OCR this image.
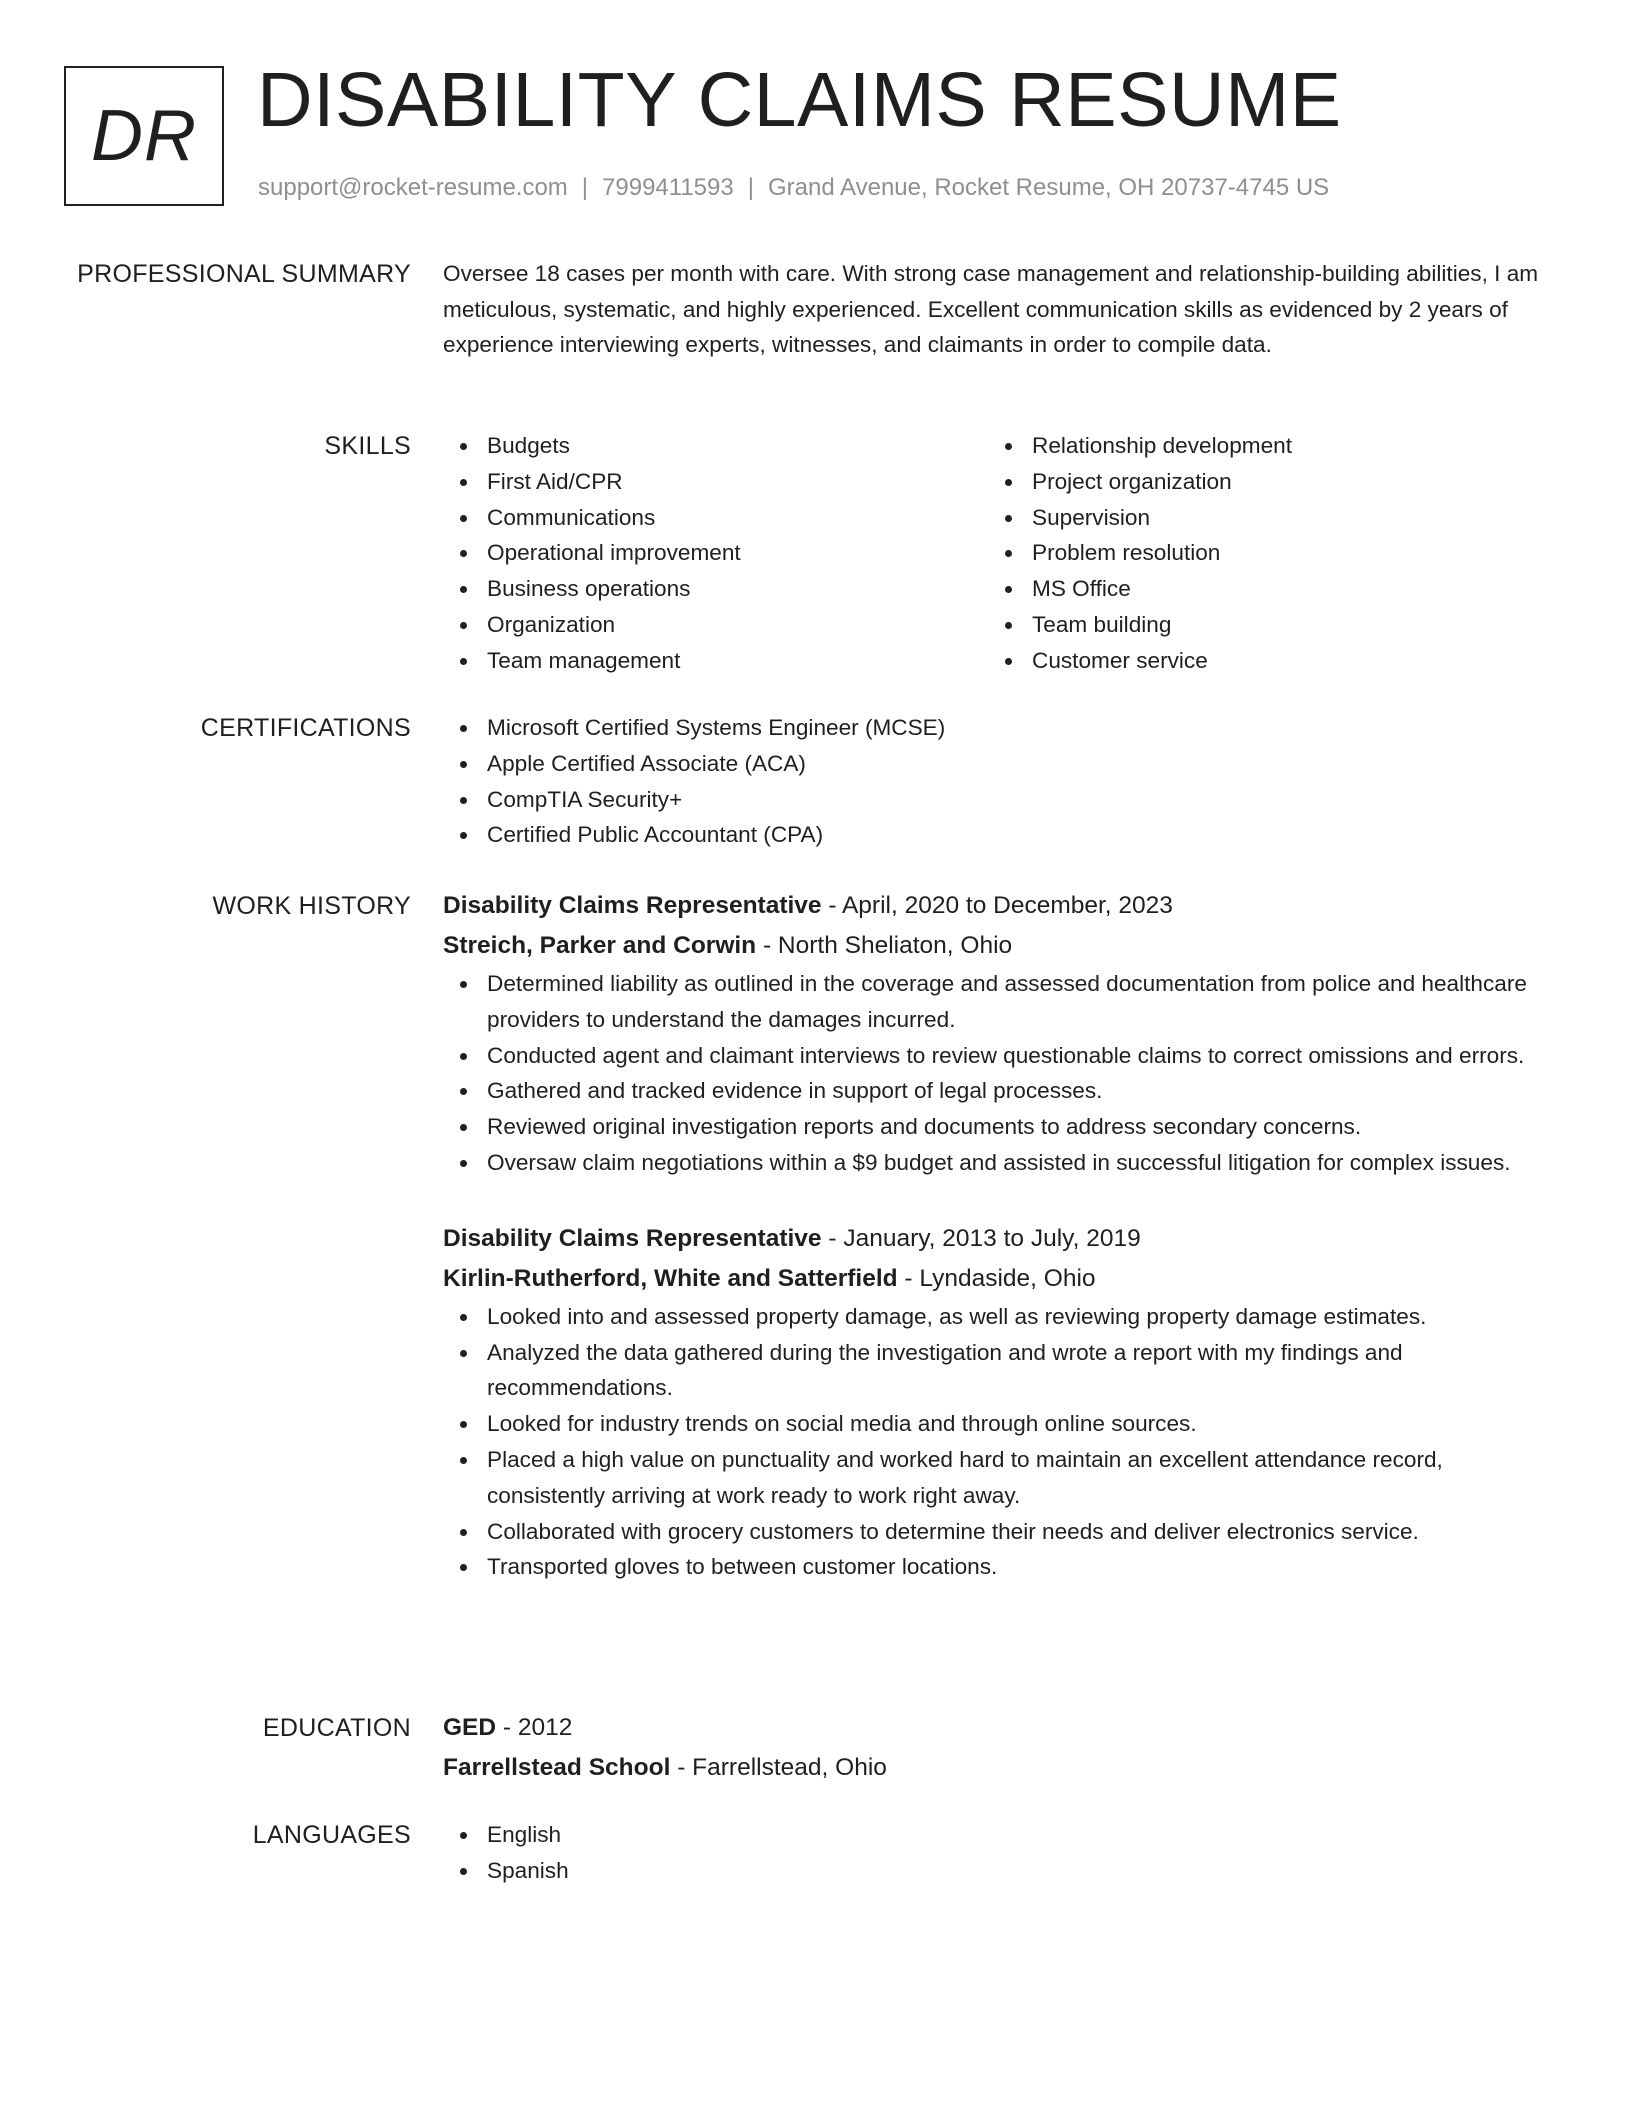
DR DISABILITY CLAIMS RESUME
support@rocket-resume.com | 7999411593 | Grand Avenue, Rocket Resume, OH 20737-4745 US
PROFESSIONAL SUMMARY Oversee 18 cases per month with care. With strong case management and relationship-building abilities, I am meticulous, systematic, and highly experienced. Excellent communication skills as evidenced by 2 years of experience interviewing experts, witnesses, and claimants in order to compile data.

SKILLS	Budgets
First Aid/CPR
Communications
Operational improvement
Business operations
Organization
Team management
Relationship development
Project organization
Supervision
Problem resolution
MS Office
Team building
Customer service
CERTIFICATIONS	Microsoft Certified Systems Engineer (MCSE)
Apple Certified Associate (ACA)
CompTIA Security+
Certified Public Accountant (CPA)
WORK HISTORY Disability Claims Representative - April, 2020 to December, 2023
Streich, Parker and Corwin - North Sheliaton, Ohio
Determined liability as outlined in the coverage and assessed documentation from police and healthcare providers to understand the damages incurred.
Conducted agent and claimant interviews to review questionable claims to correct omissions and errors.
Gathered and tracked evidence in support of legal processes.
Reviewed original investigation reports and documents to address secondary concerns.
Oversaw claim negotiations within a $9 budget and assisted in successful litigation for complex issues.
Disability Claims Representative - January, 2013 to July, 2019
Kirlin-Rutherford, White and Satterfield - Lyndaside, Ohio
Looked into and assessed property damage, as well as reviewing property damage estimates.
Analyzed the data gathered during the investigation and wrote a report with my findings and recommendations.
Looked for industry trends on social media and through online sources.
Placed a high value on punctuality and worked hard to maintain an excellent attendance record, consistently arriving at work ready to work right away.
Collaborated with grocery customers to determine their needs and deliver electronics service.
Transported gloves to between customer locations.
EDUCATION GED - 2012
Farrellstead School - Farrellstead, Ohio
LANGUAGES	English
Spanish
